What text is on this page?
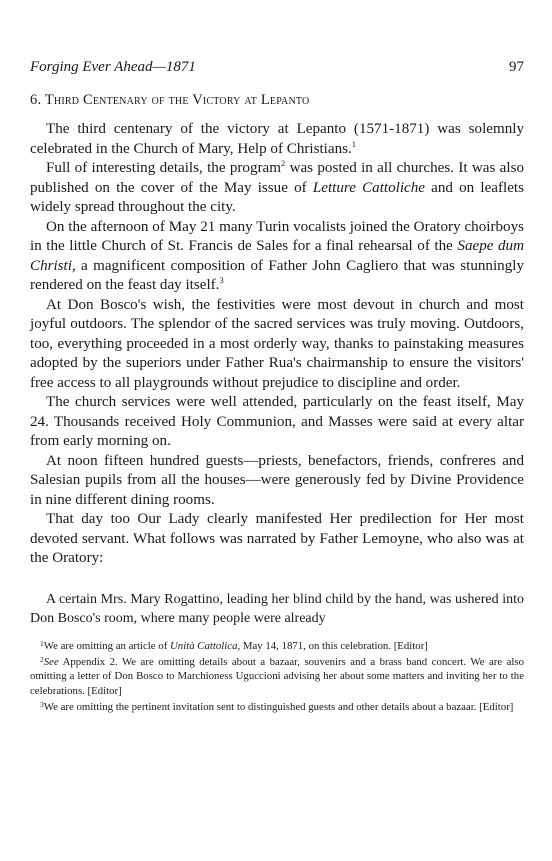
Forging Ever Ahead—1871	97
6. Third Centenary of the Victory at Lepanto

The third centenary of the victory at Lepanto (1571-1871) was solemnly celebrated in the Church of Mary, Help of Christians.$^1$

Full of interesting details, the program$^2$ was posted in all churches. It was also published on the cover of the May issue of Letture Cattoliche and on leaflets widely spread throughout the city.

On the afternoon of May 21 many Turin vocalists joined the Oratory choirboys in the little Church of St. Francis de Sales for a final rehearsal of the Saepe dum Christi, a magnificent composition of Father John Cagliero that was stunningly rendered on the feast day itself.$^3$

At Don Bosco's wish, the festivities were most devout in church and most joyful outdoors. The splendor of the sacred services was truly moving. Outdoors, too, everything proceeded in a most orderly way, thanks to painstaking measures adopted by the superiors under Father Rua's chairmanship to ensure the visitors' free access to all playgrounds without prejudice to discipline and order.

The church services were well attended, particularly on the feast itself, May 24. Thousands received Holy Communion, and Masses were said at every altar from early morning on.

At noon fifteen hundred guests—priests, benefactors, friends, confreres and Salesian pupils from all the houses—were generously fed by Divine Providence in nine different dining rooms.

That day too Our Lady clearly manifested Her predilection for Her most devoted servant. What follows was narrated by Father Lemoyne, who also was at the Oratory:

A certain Mrs. Mary Rogattino, leading her blind child by the hand, was ushered into Don Bosco's room, where many people were already

$^1$We are omitting an article of Unità Cattolica, May 14, 1871, on this celebration. [Editor]

$^2$See Appendix 2. We are omitting details about a bazaar, souvenirs and a brass band concert. We are also omitting a letter of Don Bosco to Marchioness Uguccioni advising her about some matters and inviting her to the celebrations. [Editor]

$^3$We are omitting the pertinent invitation sent to distinguished guests and other details about a bazaar. [Editor]
